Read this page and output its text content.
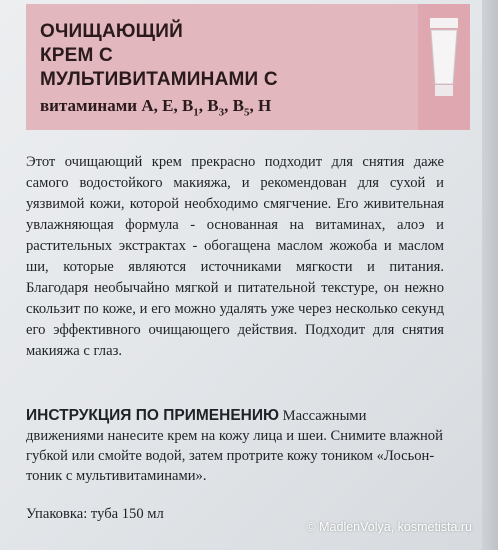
ОЧИЩАЮЩИЙ
КРЕМ С
МУЛЬТИВИТАМИНАМИ С
витаминами A, E, $B_1$, $B_3$, $B_5$, H
Этот очищающий крем прекрасно подходит для снятия даже самого водостойкого макияжа, и рекомендован для сухой и уязвимой кожи, которой необходимо смягчение. Его живительная увлажняющая формула - основанная на витаминах, алоэ и растительных экстрактах - обогащена маслом жожоба и маслом ши, которые являются источниками мягкости и питания. Благодаря необычайно мягкой и питательной текстуре, он нежно скользит по коже, и его можно удалять уже через несколько секунд его эффективного очищающего действия. Подходит для снятия макияжа с глаз.
ИНСТРУКЦИЯ ПО ПРИМЕНЕНИЮ Массажными движениями нанесите крем на кожу лица и шеи. Снимите влажной губкой или смойте водой, затем протрите кожу тоником «Лосьон-тоник с мультивитаминами».
Упаковка: туба 150 мл
© MadlenVolya, kosmetista.ru
